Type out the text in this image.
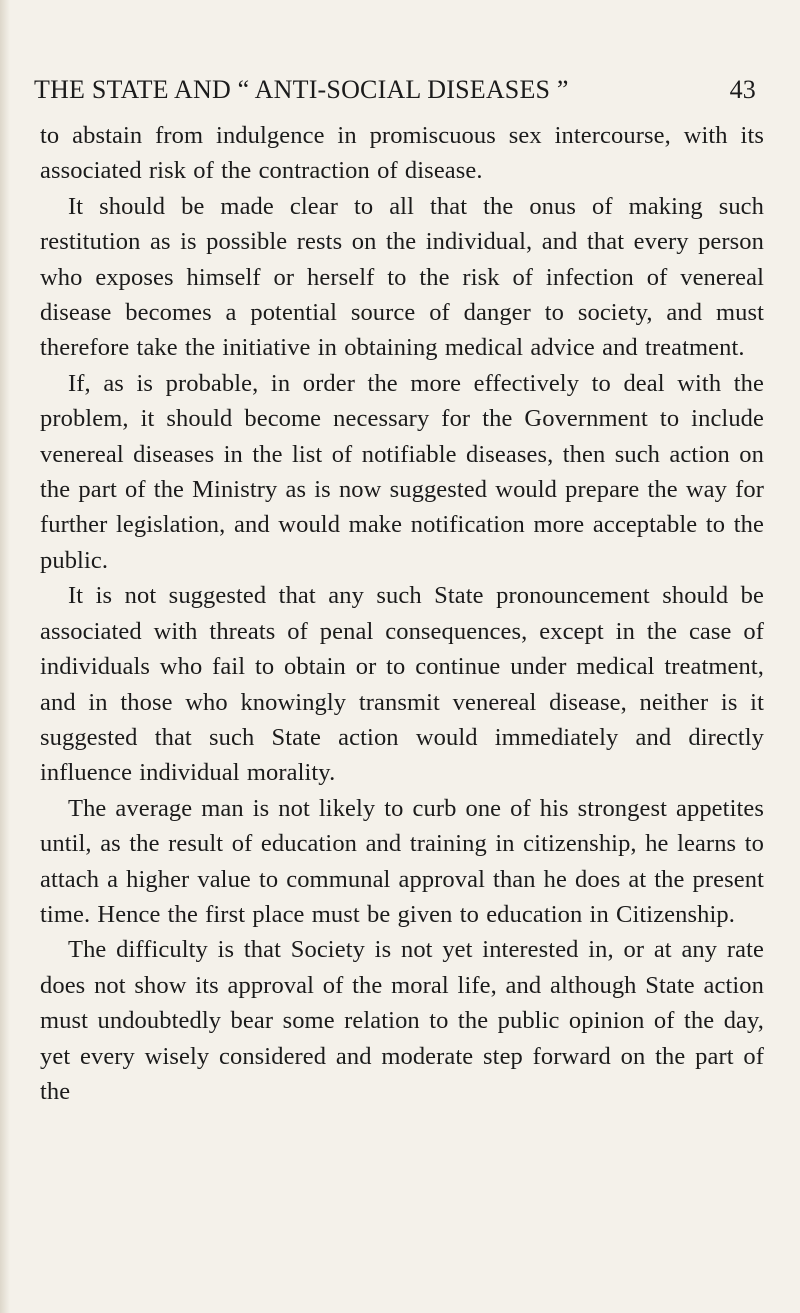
THE STATE AND “ ANTI-SOCIAL DISEASES ”	43

to abstain from indulgence in promiscuous sex intercourse, with its associated risk of the contraction of disease.

It should be made clear to all that the onus of making such restitution as is possible rests on the individual, and that every person who exposes himself or herself to the risk of infection of venereal disease becomes a potential source of danger to society, and must therefore take the initiative in obtaining medical advice and treatment.

If, as is probable, in order the more effectively to deal with the problem, it should become necessary for the Government to include venereal diseases in the list of notifiable diseases, then such action on the part of the Ministry as is now suggested would prepare the way for further legislation, and would make notification more acceptable to the public.

It is not suggested that any such State pronouncement should be associated with threats of penal consequences, except in the case of individuals who fail to obtain or to continue under medical treatment, and in those who knowingly transmit venereal disease, neither is it suggested that such State action would immediately and directly influence individual morality.

The average man is not likely to curb one of his strongest appetites until, as the result of education and training in citizenship, he learns to attach a higher value to communal approval than he does at the present time. Hence the first place must be given to education in Citizenship.

The difficulty is that Society is not yet interested in, or at any rate does not show its approval of the moral life, and although State action must undoubtedly bear some relation to the public opinion of the day, yet every wisely considered and moderate step forward on the part of the
